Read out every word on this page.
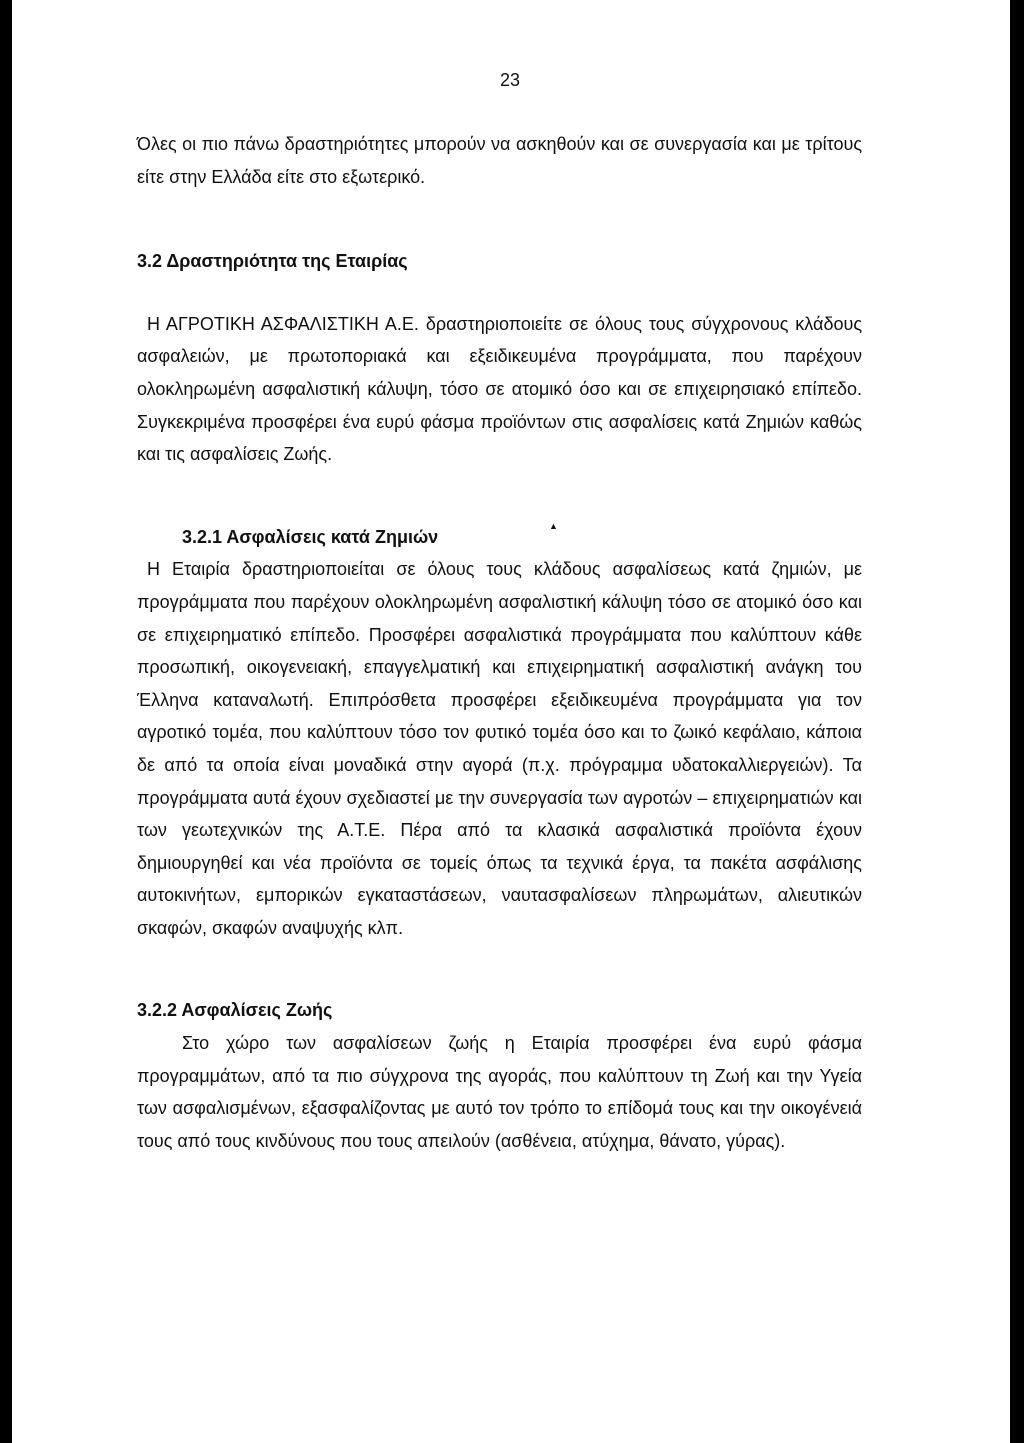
23
▲

Όλες οι πιο πάνω δραστηριότητες μπορούν να ασκηθούν και σε συνεργασία και με τρίτους είτε στην Ελλάδα είτε στο εξωτερικό.

3.2 Δραστηριότητα της Εταιρίας

Η ΑΓΡΟΤΙΚΗ ΑΣΦΑΛΙΣΤΙΚΗ Α.Ε. δραστηριοποιείτε σε όλους τους σύγχρονους κλάδους ασφαλειών, με πρωτοποριακά και εξειδικευμένα προγράμματα, που παρέχουν ολοκληρωμένη ασφαλιστική κάλυψη, τόσο σε ατομικό όσο και σε επιχειρησιακό επίπεδο. Συγκεκριμένα προσφέρει ένα ευρύ φάσμα προϊόντων στις ασφαλίσεις κατά Ζημιών καθώς και τις ασφαλίσεις Ζωής.

3.2.1 Ασφαλίσεις κατά Ζημιών

Η Εταιρία δραστηριοποιείται σε όλους τους κλάδους ασφαλίσεως κατά ζημιών, με προγράμματα που παρέχουν ολοκληρωμένη ασφαλιστική κάλυψη τόσο σε ατομικό όσο και σε επιχειρηματικό επίπεδο. Προσφέρει ασφαλιστικά προγράμματα που καλύπτουν κάθε προσωπική, οικογενειακή, επαγγελματική και επιχειρηματική ασφαλιστική ανάγκη του Έλληνα καταναλωτή. Επιπρόσθετα προσφέρει εξειδικευμένα προγράμματα για τον αγροτικό τομέα, που καλύπτουν τόσο τον φυτικό τομέα όσο και το ζωικό κεφάλαιο, κάποια δε από τα οποία είναι μοναδικά στην αγορά (π.χ. πρόγραμμα υδατοκαλλιεργειών). Τα προγράμματα αυτά έχουν σχεδιαστεί με την συνεργασία των αγροτών – επιχειρηματιών και των γεωτεχνικών της Α.Τ.Ε. Πέρα από τα κλασικά ασφαλιστικά προϊόντα έχουν δημιουργηθεί και νέα προϊόντα σε τομείς όπως τα τεχνικά έργα, τα πακέτα ασφάλισης αυτοκινήτων, εμπορικών εγκαταστάσεων, ναυτασφαλίσεων πληρωμάτων, αλιευτικών σκαφών, σκαφών αναψυχής κλπ.

3.2.2 Ασφαλίσεις Ζωής

Στο χώρο των ασφαλίσεων ζωής η Εταιρία προσφέρει ένα ευρύ φάσμα προγραμμάτων, από τα πιο σύγχρονα της αγοράς, που καλύπτουν τη Ζωή και την Υγεία των ασφαλισμένων, εξασφαλίζοντας με αυτό τον τρόπο το επίδομά τους και την οικογένειά τους από τους κινδύνους που τους απειλούν (ασθένεια, ατύχημα, θάνατο, γύρας).
